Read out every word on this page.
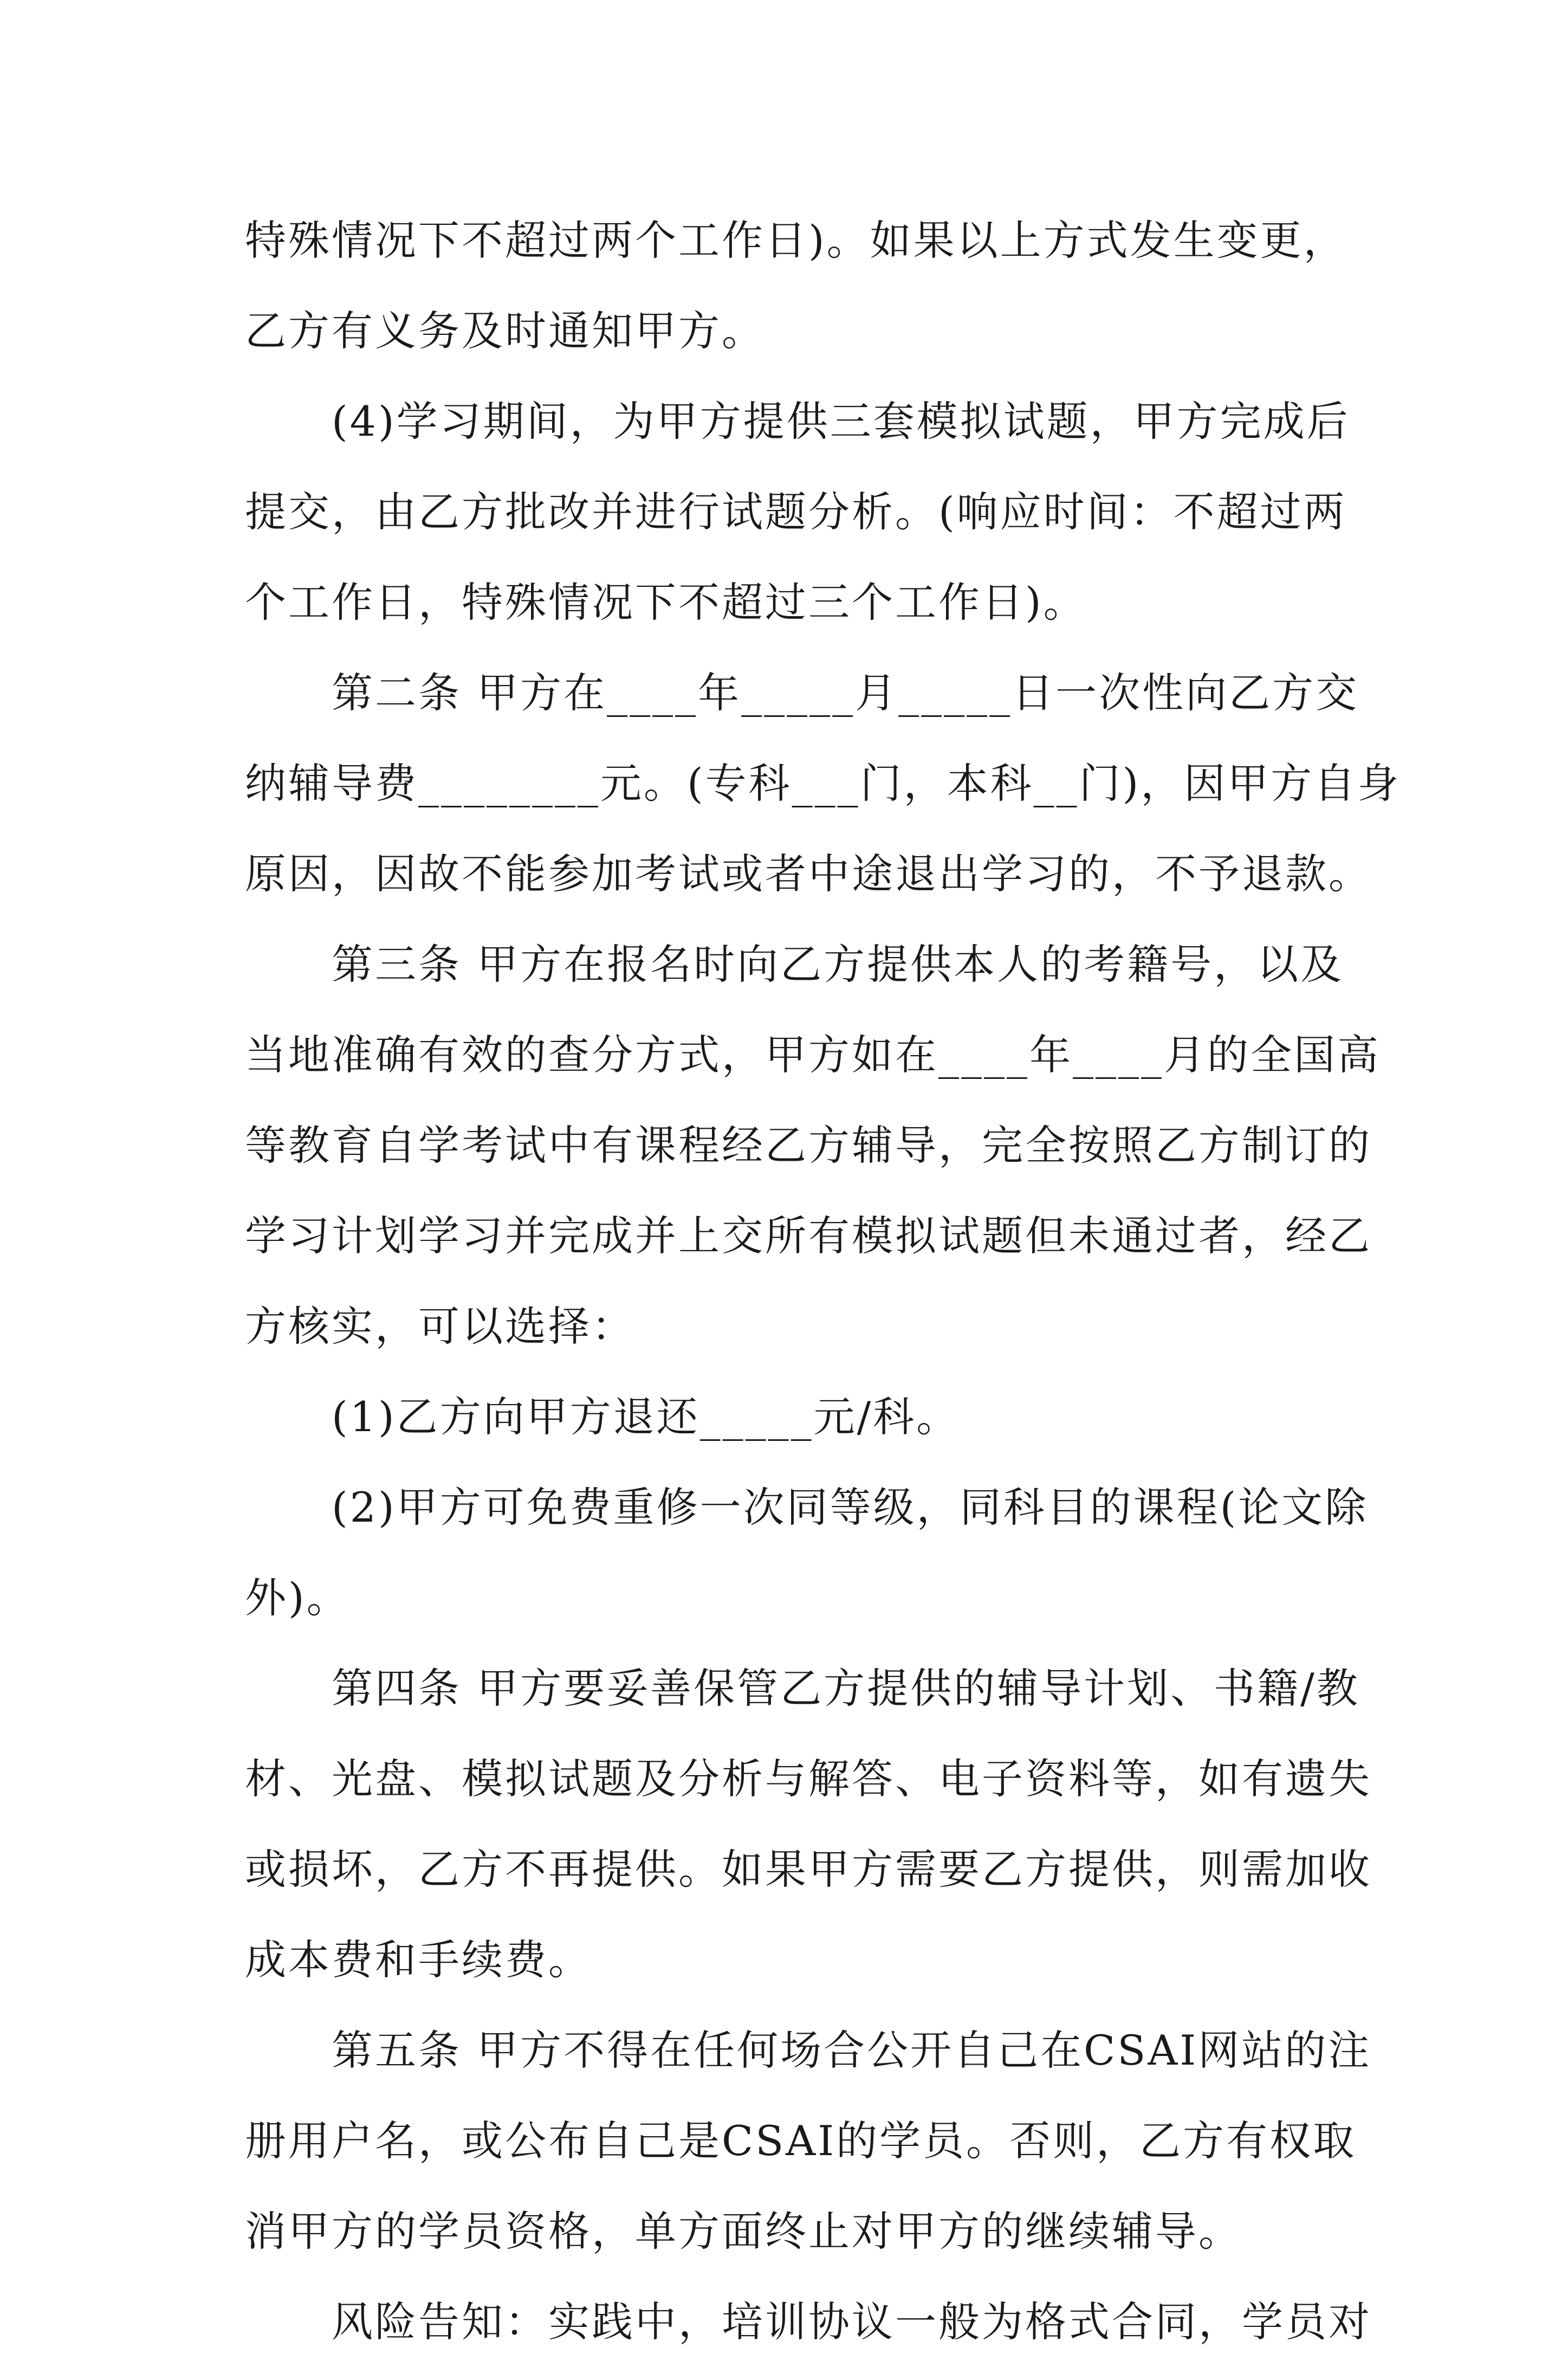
特殊情况下不超过两个工作日)。如果以上方式发生变更，
乙方有义务及时通知甲方。
　　(4)学习期间，为甲方提供三套模拟试题，甲方完成后
提交，由乙方批改并进行试题分析。(响应时间：不超过两
个工作日，特殊情况下不超过三个工作日)。
　　第二条 甲方在____年_____月_____日一次性向乙方交
纳辅导费________元。(专科___门，本科__门)，因甲方自身
原因，因故不能参加考试或者中途退出学习的，不予退款。
　　第三条 甲方在报名时向乙方提供本人的考籍号，以及
当地准确有效的查分方式，甲方如在____年____月的全国高
等教育自学考试中有课程经乙方辅导，完全按照乙方制订的
学习计划学习并完成并上交所有模拟试题但未通过者，经乙
方核实，可以选择：
　　(1)乙方向甲方退还_____元/科。
　　(2)甲方可免费重修一次同等级，同科目的课程(论文除
外)。
　　第四条 甲方要妥善保管乙方提供的辅导计划、书籍/教
材、光盘、模拟试题及分析与解答、电子资料等，如有遗失
或损坏，乙方不再提供。如果甲方需要乙方提供，则需加收
成本费和手续费。
　　第五条 甲方不得在任何场合公开自己在CSAI网站的注
册用户名，或公布自己是CSAI的学员。否则，乙方有权取
消甲方的学员资格，单方面终止对甲方的继续辅导。
　　风险告知：实践中，培训协议一般为格式合同，学员对
